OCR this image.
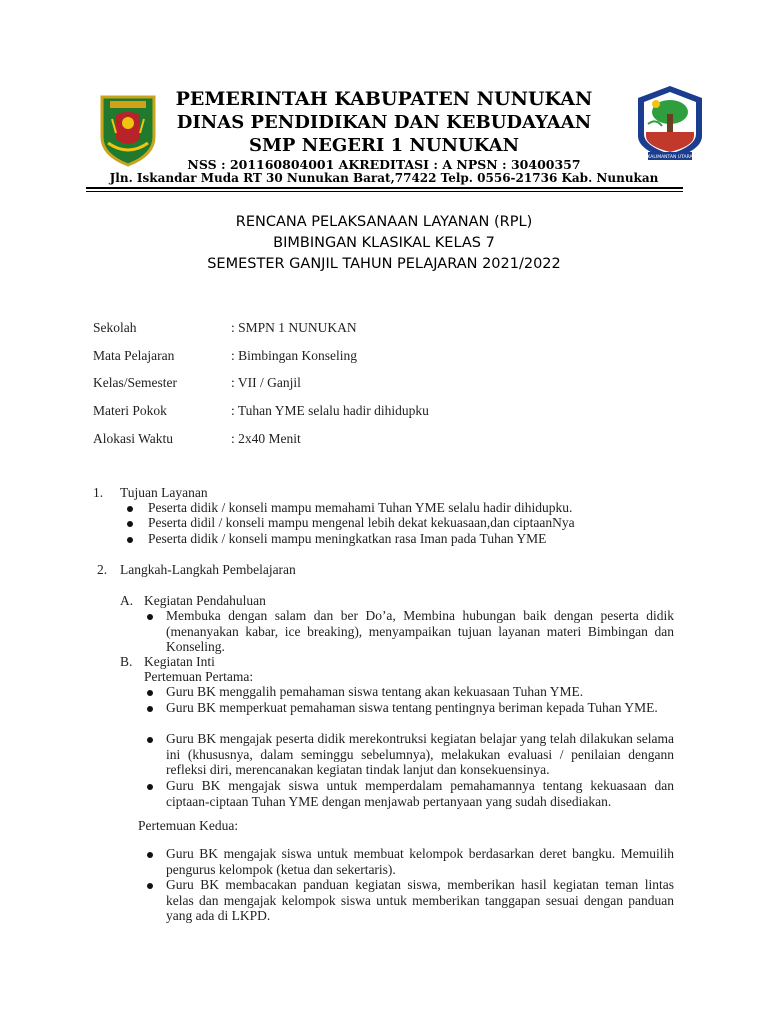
KALIMANTAN UTARA
PEMERINTAH KABUPATEN NUNUKAN
DINAS PENDIDIKAN DAN KEBUDAYAAN
SMP NEGERI 1 NUNUKAN
NSS : 201160804001 AKREDITASI : A NPSN : 30400357
Jln. Iskandar Muda RT 30 Nunukan Barat,77422 Telp. 0556-21736 Kab. Nunukan
RENCANA PELAKSANAAN LAYANAN (RPL)
BIMBINGAN KLASIKAL KELAS 7
SEMESTER GANJIL TAHUN PELAJARAN 2021/2022
Sekolah	: SMPN 1 NUNUKAN
Mata Pelajaran	: Bimbingan Konseling
Kelas/Semester	: VII / Ganjil
Materi Pokok	: Tuhan YME selalu hadir dihidupku
Alokasi Waktu	: 2x40 Menit
1. Tujuan Layanan
Peserta didik / konseli mampu memahami Tuhan YME selalu hadir dihidupku.
Peserta didil / konseli mampu mengenal lebih dekat kekuasaan,dan ciptaanNya
Peserta didik / konseli mampu meningkatkan rasa Iman pada Tuhan YME
2. Langkah-Langkah Pembelajaran
A. Kegiatan Pendahuluan
Membuka dengan salam dan ber Do’a, Membina hubungan baik dengan peserta didik (menanyakan kabar, ice breaking), menyampaikan tujuan layanan materi Bimbingan dan Konseling.
B. Kegiatan Inti
Pertemuan Pertama:
Guru BK menggalih pemahaman siswa tentang akan kekuasaan Tuhan YME.
Guru BK memperkuat pemahaman siswa tentang pentingnya beriman kepada Tuhan YME.
Guru BK mengajak peserta didik merekontruksi kegiatan belajar yang telah dilakukan selama ini (khususnya, dalam seminggu sebelumnya), melakukan evaluasi / penilaian dengann refleksi diri, merencanakan kegiatan tindak lanjut dan konsekuensinya.
Guru BK mengajak siswa untuk memperdalam pemahamannya tentang kekuasaan dan ciptaan-ciptaan Tuhan YME dengan menjawab pertanyaan yang sudah disediakan.
Pertemuan Kedua:
Guru BK mengajak siswa untuk membuat kelompok berdasarkan deret bangku. Memuilih pengurus kelompok (ketua dan sekertaris).
Guru BK membacakan panduan kegiatan siswa, memberikan hasil kegiatan teman lintas kelas dan mengajak kelompok siswa untuk memberikan tanggapan sesuai dengan panduan yang ada di LKPD.
